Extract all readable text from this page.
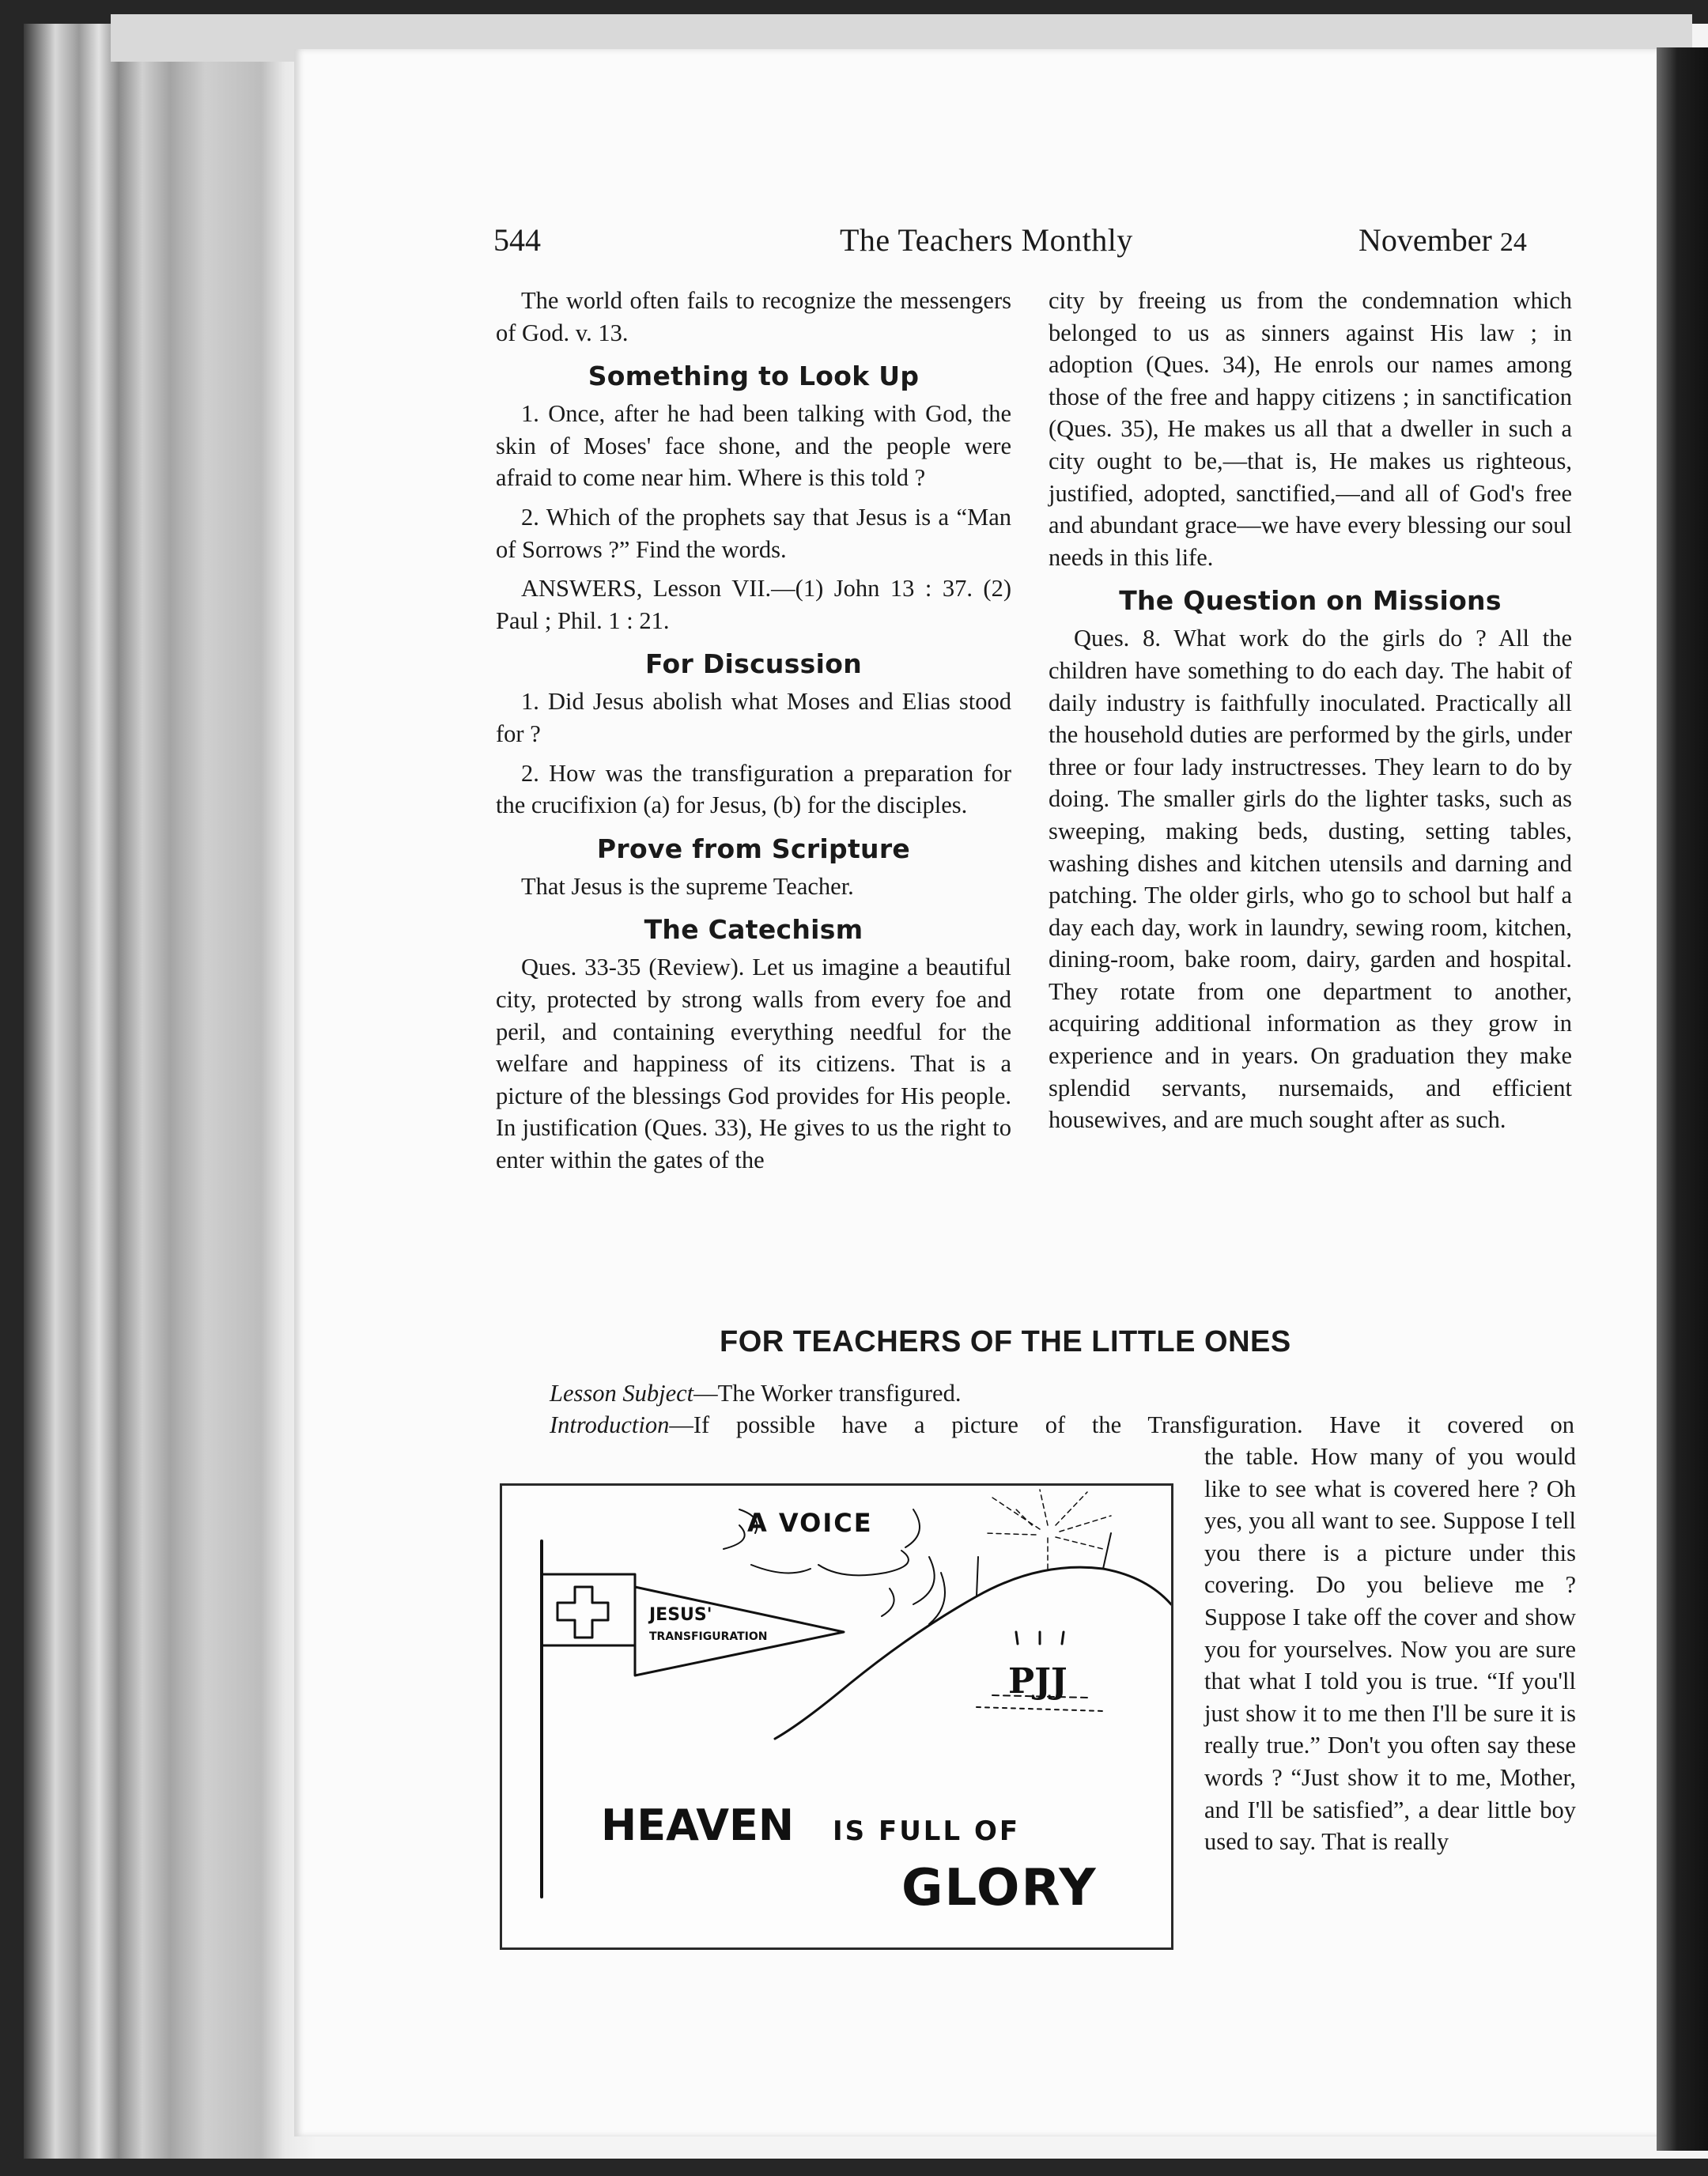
544	The Teachers Monthly	November 24

The world often fails to recognize the messengers of God. v. 13.

Something to Look Up

1. Once, after he had been talking with God, the skin of Moses' face shone, and the people were afraid to come near him. Where is this told ?

2. Which of the prophets say that Jesus is a “Man of Sorrows ?” Find the words.

ANSWERS, Lesson VII.—(1) John 13 : 37. (2) Paul ; Phil. 1 : 21.

For Discussion

1. Did Jesus abolish what Moses and Elias stood for ?

2. How was the transfiguration a preparation for the crucifixion (a) for Jesus, (b) for the disciples.

Prove from Scripture

That Jesus is the supreme Teacher.

The Catechism

Ques. 33-35 (Review). Let us imagine a beautiful city, protected by strong walls from every foe and peril, and containing everything needful for the welfare and happiness of its citizens. That is a picture of the blessings God provides for His people. In justification (Ques. 33), He gives to us the right to enter within the gates of the

city by freeing us from the condemnation which belonged to us as sinners against His law ; in adoption (Ques. 34), He enrols our names among those of the free and happy citizens ; in sanctification (Ques. 35), He makes us all that a dweller in such a city ought to be,—that is, He makes us righteous, justified, adopted, sanctified,—and all of God's free and abundant grace—we have every blessing our soul needs in this life.

The Question on Missions

Ques. 8. What work do the girls do ? All the children have something to do each day. The habit of daily industry is faithfully inoculated. Practically all the household duties are performed by the girls, under three or four lady instructresses. They learn to do by doing. The smaller girls do the lighter tasks, such as sweeping, making beds, dusting, setting tables, washing dishes and kitchen utensils and darning and patching. The older girls, who go to school but half a day each day, work in laundry, sewing room, kitchen, dining-room, bake room, dairy, garden and hospital. They rotate from one department to another, acquiring additional information as they grow in experience and in years. On graduation they make splendid servants, nursemaids, and efficient housewives, and are much sought after as such.

FOR TEACHERS OF THE LITTLE ONES
Lesson Subject—The Worker transfigured.
Introduction—If possible have a picture of the Transfiguration. Have it covered on

the table. How many of you would like to see what is covered here ? Oh yes, you all want to see. Suppose I tell you there is a picture under this covering. Do you believe me ? Suppose I take off the cover and show you for yourselves. Now you are sure that what I told you is true. “If you'll just show it to me then I'll be sure it is really true.” Don't you often say these words ? “Just show it to me, Mother, and I'll be satisfied”, a dear little boy used to say. That is really

A VOICE
JESUS'
TRANSFIGURATION
PJJ
HEAVEN IS FULL OF
GLORY
